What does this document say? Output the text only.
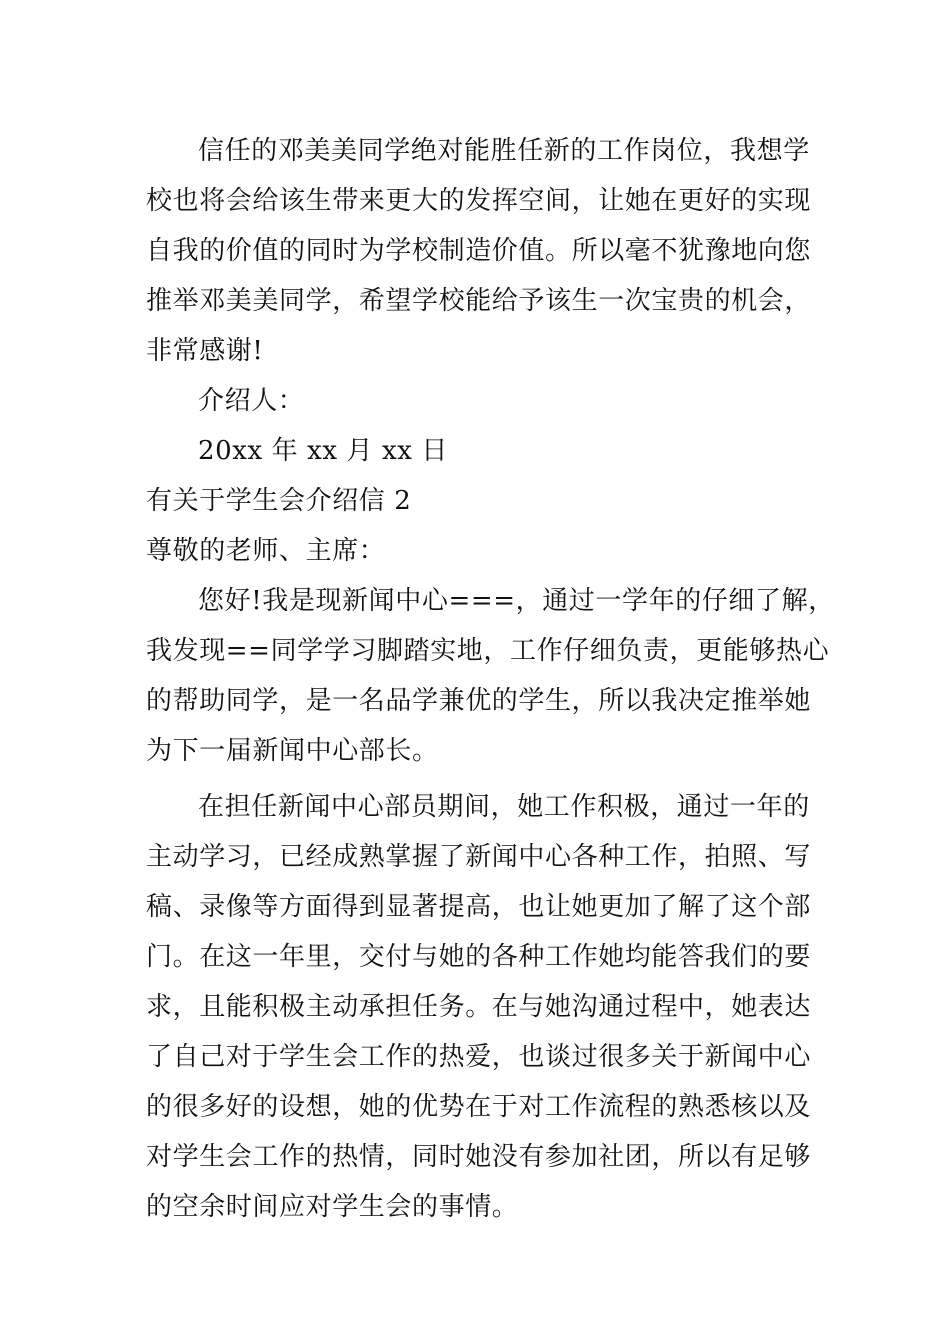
信任的邓美美同学绝对能胜任新的工作岗位，我想学
校也将会给该生带来更大的发挥空间，让她在更好的实现
自我的价值的同时为学校制造价值。所以毫不犹豫地向您
推举邓美美同学，希望学校能给予该生一次宝贵的机会，
非常感谢!
介绍人：
20xx 年 xx 月 xx 日
有关于学生会介绍信 2
尊敬的老师、主席：
您好!我是现新闻中心===，通过一学年的仔细了解，
我发现==同学学习脚踏实地，工作仔细负责，更能够热心
的帮助同学，是一名品学兼优的学生，所以我决定推举她
为下一届新闻中心部长。
在担任新闻中心部员期间，她工作积极，通过一年的
主动学习，已经成熟掌握了新闻中心各种工作，拍照、写
稿、录像等方面得到显著提高，也让她更加了解了这个部
门。在这一年里，交付与她的各种工作她均能答我们的要
求，且能积极主动承担任务。在与她沟通过程中，她表达
了自己对于学生会工作的热爱，也谈过很多关于新闻中心
的很多好的设想，她的优势在于对工作流程的熟悉核以及
对学生会工作的热情，同时她没有参加社团，所以有足够
的空余时间应对学生会的事情。
